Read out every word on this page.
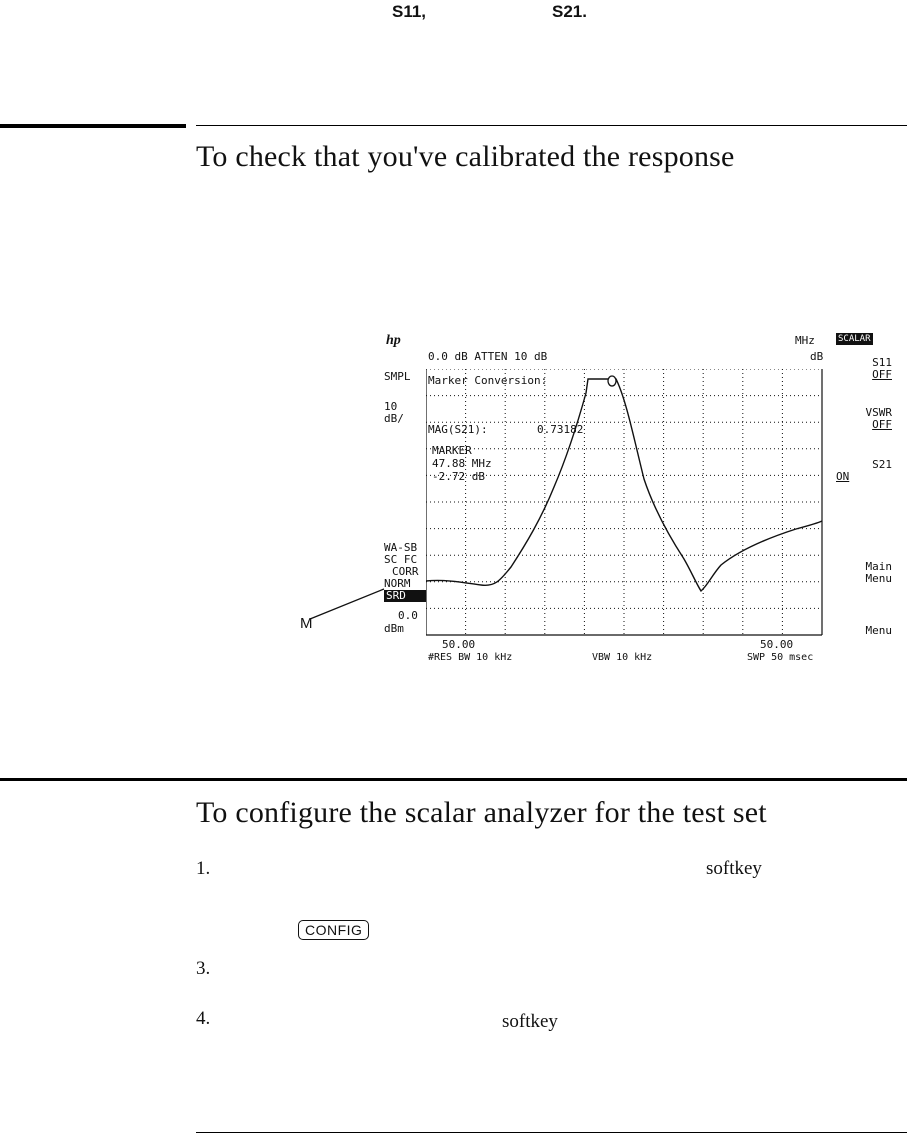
S11,	S21.
To check that you've calibrated the response
hp	MHz	SCALAR
0.0 dB ATTEN 10 dB	dB
SMPL
10
dB/
WA-SB
SC FC
CORR
NORM
SRD
0.0
dBm
Marker Conversion:
MAG(S21):	0.73182
MARKER
47.88 MHz
-2.72 dB
50.00	50.00
#RES BW 10 kHz	VBW 10 kHz	SWP 50 msec
S11
OFF
VSWR
OFF
S21
ON
Main
Menu
Menu
M
To configure the scalar analyzer for the test set
1.	softkey
CONFIG
3.
4.	softkey
